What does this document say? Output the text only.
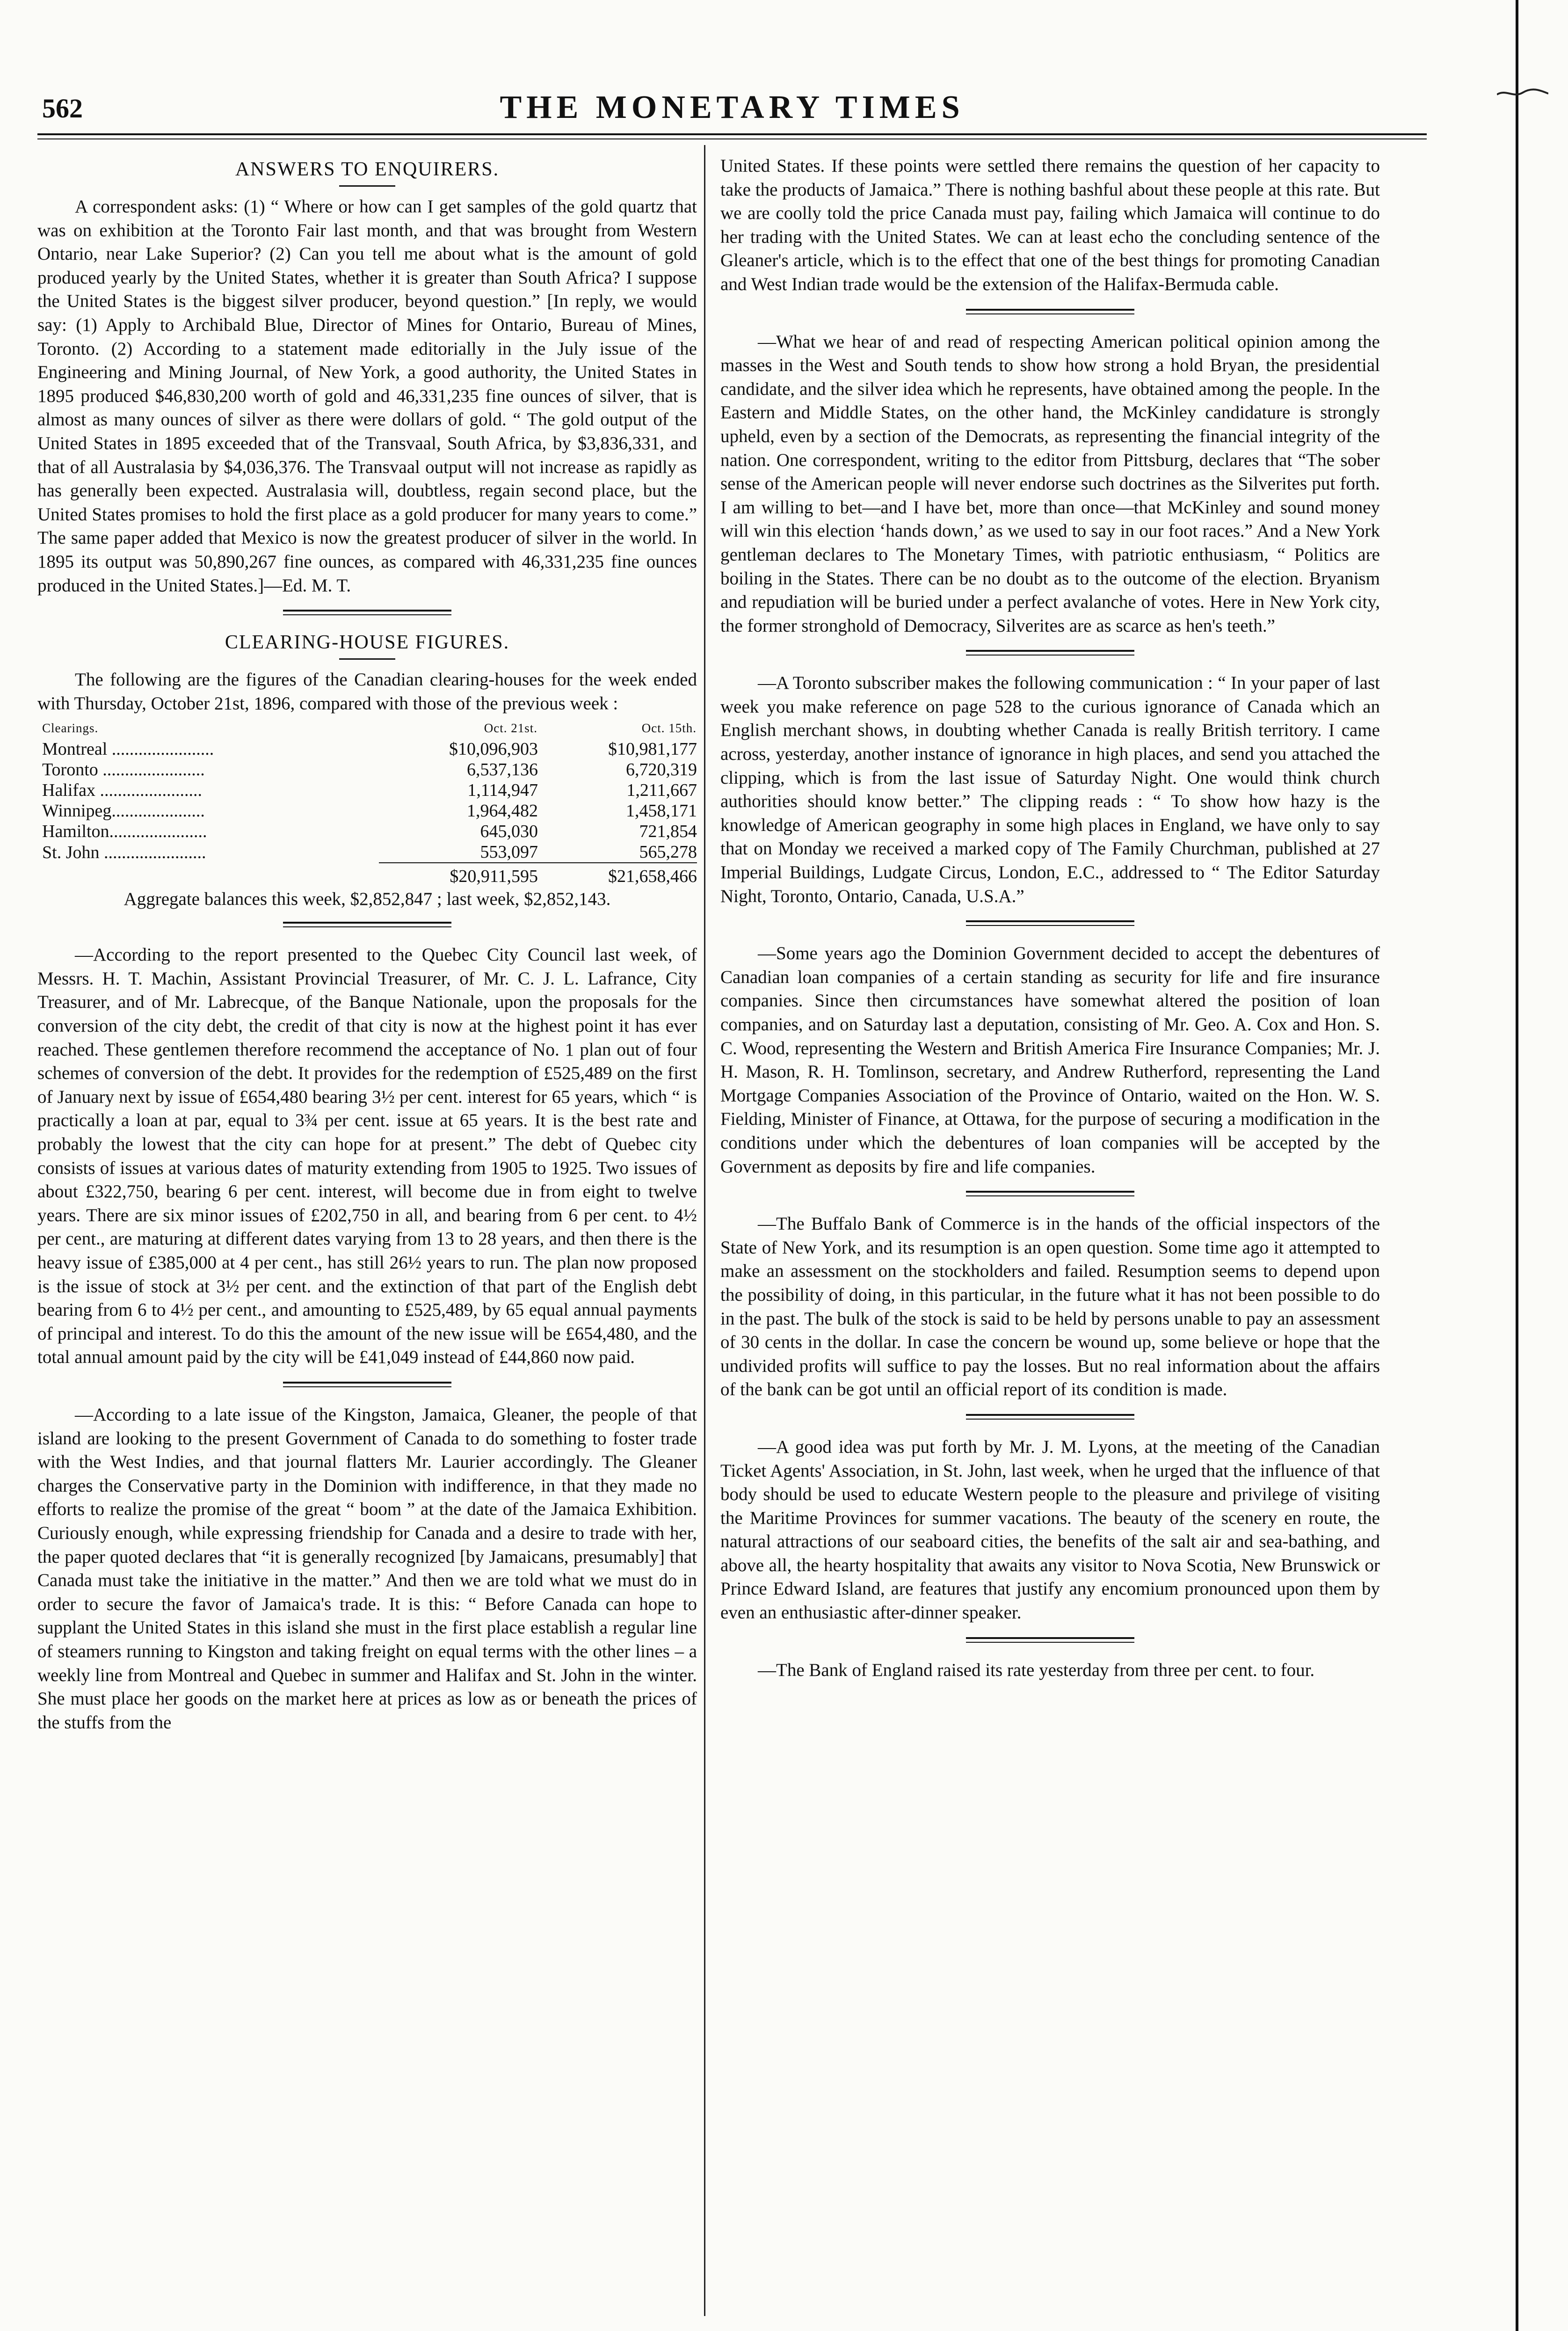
562	THE MONETARY TIMES
ANSWERS TO ENQUIRERS.

A correspondent asks: (1) “ Where or how can I get samples of the gold quartz that was on exhibition at the Toronto Fair last month, and that was brought from Western Ontario, near Lake Superior? (2) Can you tell me about what is the amount of gold produced yearly by the United States, whether it is greater than South Africa? I suppose the United States is the biggest silver producer, beyond question.” [In reply, we would say: (1) Apply to Archibald Blue, Director of Mines for Ontario, Bureau of Mines, Toronto. (2) According to a statement made editorially in the July issue of the Engineering and Mining Journal, of New York, a good authority, the United States in 1895 produced $46,830,200 worth of gold and 46,331,235 fine ounces of silver, that is almost as many ounces of silver as there were dollars of gold. “ The gold output of the United States in 1895 exceeded that of the Transvaal, South Africa, by $3,836,331, and that of all Australasia by $4,036,376. The Transvaal output will not increase as rapidly as has generally been expected. Australasia will, doubtless, regain second place, but the United States promises to hold the first place as a gold producer for many years to come.” The same paper added that Mexico is now the greatest producer of silver in the world. In 1895 its output was 50,890,267 fine ounces, as compared with 46,331,235 fine ounces produced in the United States.]—Ed. M. T.

CLEARING-HOUSE FIGURES.

The following are the figures of the Canadian clearing-houses for the week ended with Thursday, October 21st, 1896, compared with those of the previous week :

Clearings.	Oct. 21st.	Oct. 15th.
Montreal .......................	$10,096,903	$10,981,177
Toronto .......................	6,537,136	6,720,319
Halifax .......................	1,114,947	1,211,667
Winnipeg.....................	1,964,482	1,458,171
Hamilton......................	645,030	721,854
St. John .......................	553,097	565,278
	$20,911,595	$21,658,466
Aggregate balances this week, $2,852,847 ; last week, $2,852,143.

—According to the report presented to the Quebec City Council last week, of Messrs. H. T. Machin, Assistant Provincial Treasurer, of Mr. C. J. L. Lafrance, City Treasurer, and of Mr. Labrecque, of the Banque Nationale, upon the proposals for the conversion of the city debt, the credit of that city is now at the highest point it has ever reached. These gentlemen therefore recommend the acceptance of No. 1 plan out of four schemes of conversion of the debt. It provides for the redemption of £525,489 on the first of January next by issue of £654,480 bearing 3½ per cent. interest for 65 years, which “ is practically a loan at par, equal to 3¾ per cent. issue at 65 years. It is the best rate and probably the lowest that the city can hope for at present.” The debt of Quebec city consists of issues at various dates of maturity extending from 1905 to 1925. Two issues of about £322,750, bearing 6 per cent. interest, will become due in from eight to twelve years. There are six minor issues of £202,750 in all, and bearing from 6 per cent. to 4½ per cent., are maturing at different dates varying from 13 to 28 years, and then there is the heavy issue of £385,000 at 4 per cent., has still 26½ years to run. The plan now proposed is the issue of stock at 3½ per cent. and the extinction of that part of the English debt bearing from 6 to 4½ per cent., and amounting to £525,489, by 65 equal annual payments of principal and interest. To do this the amount of the new issue will be £654,480, and the total annual amount paid by the city will be £41,049 instead of £44,860 now paid.

—According to a late issue of the Kingston, Jamaica, Gleaner, the people of that island are looking to the present Government of Canada to do something to foster trade with the West Indies, and that journal flatters Mr. Laurier accordingly. The Gleaner charges the Conservative party in the Dominion with indifference, in that they made no efforts to realize the promise of the great “ boom ” at the date of the Jamaica Exhibition. Curiously enough, while expressing friendship for Canada and a desire to trade with her, the paper quoted declares that “it is generally recognized [by Jamaicans, presumably] that Canada must take the initiative in the matter.” And then we are told what we must do in order to secure the favor of Jamaica's trade. It is this: “ Before Canada can hope to supplant the United States in this island she must in the first place establish a regular line of steamers running to Kingston and taking freight on equal terms with the other lines – a weekly line from Montreal and Quebec in summer and Halifax and St. John in the winter. She must place her goods on the market here at prices as low as or beneath the prices of the stuffs from the

United States. If these points were settled there remains the question of her capacity to take the products of Jamaica.” There is nothing bashful about these people at this rate. But we are coolly told the price Canada must pay, failing which Jamaica will continue to do her trading with the United States. We can at least echo the concluding sentence of the Gleaner's article, which is to the effect that one of the best things for promoting Canadian and West Indian trade would be the extension of the Halifax-Bermuda cable.

—What we hear of and read of respecting American political opinion among the masses in the West and South tends to show how strong a hold Bryan, the presidential candidate, and the silver idea which he represents, have obtained among the people. In the Eastern and Middle States, on the other hand, the McKinley candidature is strongly upheld, even by a section of the Democrats, as representing the financial integrity of the nation. One correspondent, writing to the editor from Pittsburg, declares that “The sober sense of the American people will never endorse such doctrines as the Silverites put forth. I am willing to bet—and I have bet, more than once—that McKinley and sound money will win this election ‘hands down,’ as we used to say in our foot races.” And a New York gentleman declares to The Monetary Times, with patriotic enthusiasm, “ Politics are boiling in the States. There can be no doubt as to the outcome of the election. Bryanism and repudiation will be buried under a perfect avalanche of votes. Here in New York city, the former stronghold of Democracy, Silverites are as scarce as hen's teeth.”

—A Toronto subscriber makes the following communication : “ In your paper of last week you make reference on page 528 to the curious ignorance of Canada which an English merchant shows, in doubting whether Canada is really British territory. I came across, yesterday, another instance of ignorance in high places, and send you attached the clipping, which is from the last issue of Saturday Night. One would think church authorities should know better.” The clipping reads : “ To show how hazy is the knowledge of American geography in some high places in England, we have only to say that on Monday we received a marked copy of The Family Churchman, published at 27 Imperial Buildings, Ludgate Circus, London, E.C., addressed to “ The Editor Saturday Night, Toronto, Ontario, Canada, U.S.A.”

—Some years ago the Dominion Government decided to accept the debentures of Canadian loan companies of a certain standing as security for life and fire insurance companies. Since then circumstances have somewhat altered the position of loan companies, and on Saturday last a deputation, consisting of Mr. Geo. A. Cox and Hon. S. C. Wood, representing the Western and British America Fire Insurance Companies; Mr. J. H. Mason, R. H. Tomlinson, secretary, and Andrew Rutherford, representing the Land Mortgage Companies Association of the Province of Ontario, waited on the Hon. W. S. Fielding, Minister of Finance, at Ottawa, for the purpose of securing a modification in the conditions under which the debentures of loan companies will be accepted by the Government as deposits by fire and life companies.

—The Buffalo Bank of Commerce is in the hands of the official inspectors of the State of New York, and its resumption is an open question. Some time ago it attempted to make an assessment on the stockholders and failed. Resumption seems to depend upon the possibility of doing, in this particular, in the future what it has not been possible to do in the past. The bulk of the stock is said to be held by persons unable to pay an assessment of 30 cents in the dollar. In case the concern be wound up, some believe or hope that the undivided profits will suffice to pay the losses. But no real information about the affairs of the bank can be got until an official report of its condition is made.

—A good idea was put forth by Mr. J. M. Lyons, at the meeting of the Canadian Ticket Agents' Association, in St. John, last week, when he urged that the influence of that body should be used to educate Western people to the pleasure and privilege of visiting the Maritime Provinces for summer vacations. The beauty of the scenery en route, the natural attractions of our seaboard cities, the benefits of the salt air and sea-bathing, and above all, the hearty hospitality that awaits any visitor to Nova Scotia, New Brunswick or Prince Edward Island, are features that justify any encomium pronounced upon them by even an enthusiastic after-dinner speaker.

—The Bank of England raised its rate yesterday from three per cent. to four.
